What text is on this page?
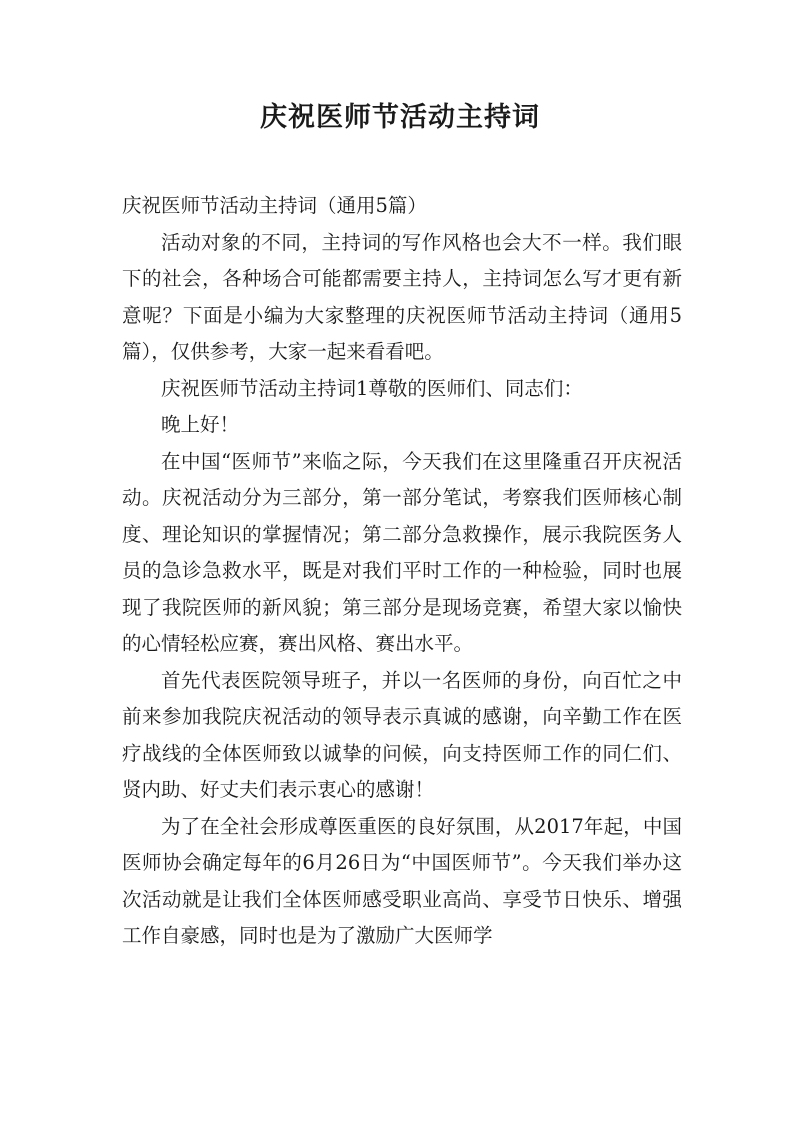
庆祝医师节活动主持词

庆祝医师节活动主持词（通用5篇）

活动对象的不同，主持词的写作风格也会大不一样。我们眼下的社会，各种场合可能都需要主持人，主持词怎么写才更有新意呢？下面是小编为大家整理的庆祝医师节活动主持词（通用5篇），仅供参考，大家一起来看看吧。

庆祝医师节活动主持词1尊敬的医师们、同志们：

晚上好！

在中国“医师节”来临之际，今天我们在这里隆重召开庆祝活动。庆祝活动分为三部分，第一部分笔试，考察我们医师核心制度、理论知识的掌握情况；第二部分急救操作，展示我院医务人员的急诊急救水平，既是对我们平时工作的一种检验，同时也展现了我院医师的新风貌；第三部分是现场竞赛，希望大家以愉快的心情轻松应赛，赛出风格、赛出水平。

首先代表医院领导班子，并以一名医师的身份，向百忙之中前来参加我院庆祝活动的领导表示真诚的感谢，向辛勤工作在医疗战线的全体医师致以诚挚的问候，向支持医师工作的同仁们、贤内助、好丈夫们表示衷心的感谢！

为了在全社会形成尊医重医的良好氛围，从2017年起，中国医师协会确定每年的6月26日为“中国医师节”。今天我们举办这次活动就是让我们全体医师感受职业高尚、享受节日快乐、增强工作自豪感，同时也是为了激励广大医师学
